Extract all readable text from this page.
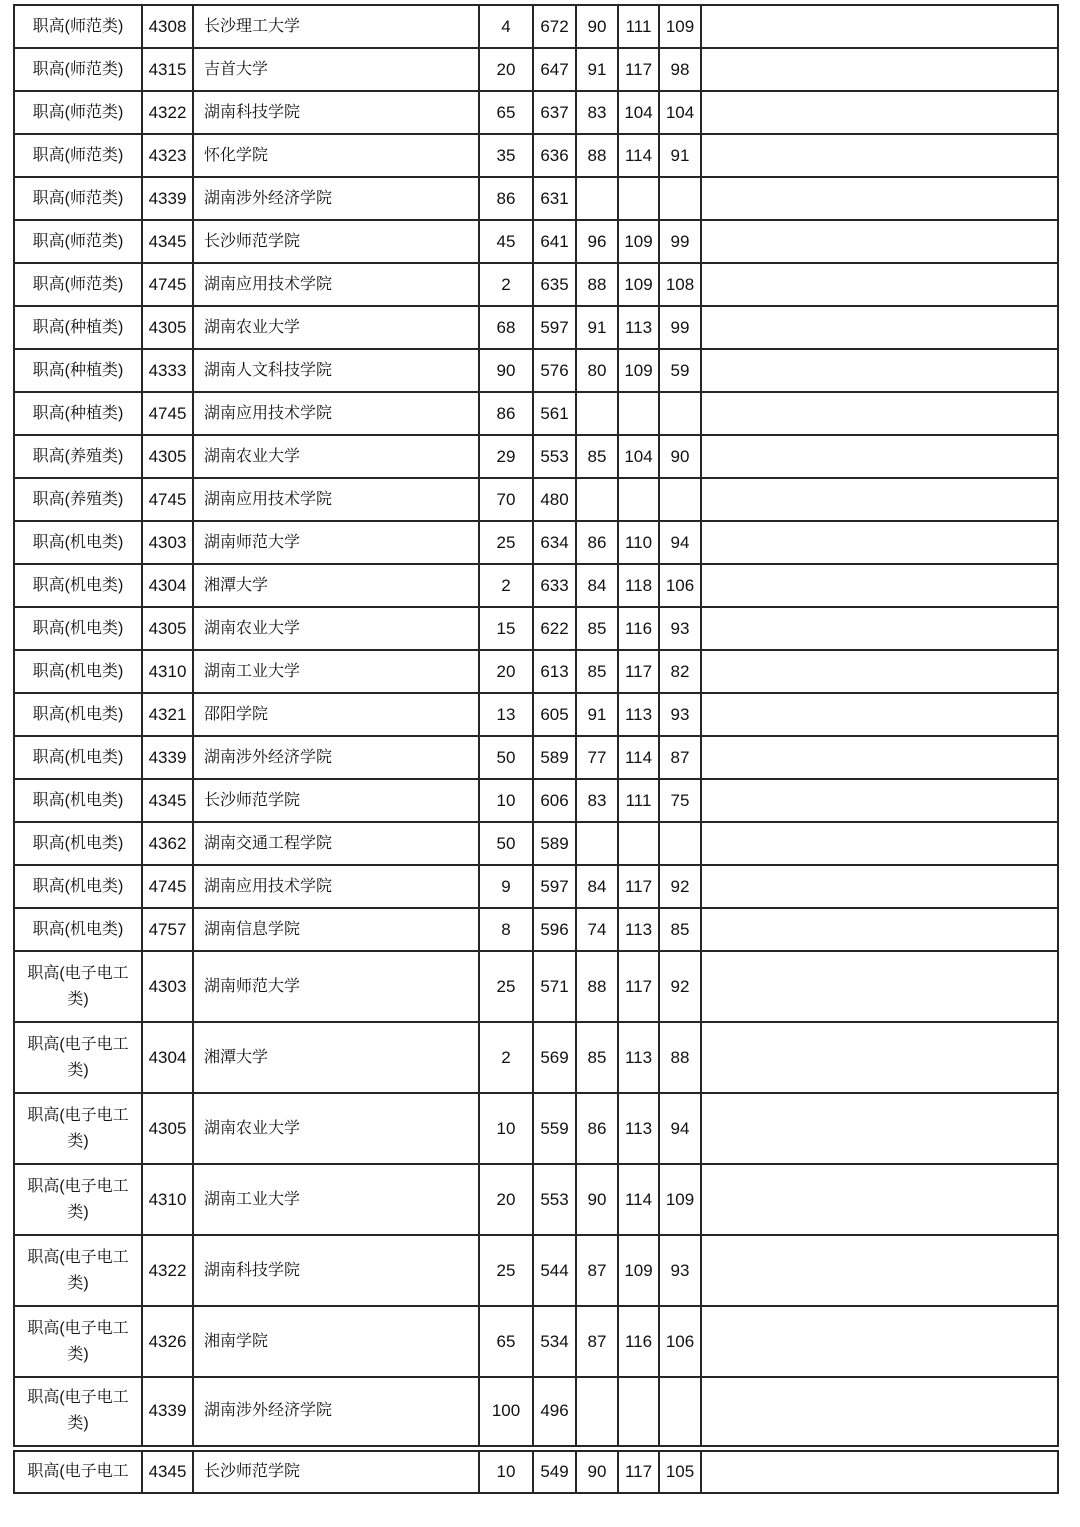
职高(师范类)	4308	长沙理工大学	4	672	90	111	109	
职高(师范类)	4315	吉首大学	20	647	91	117	98	
职高(师范类)	4322	湖南科技学院	65	637	83	104	104	
职高(师范类)	4323	怀化学院	35	636	88	114	91	
职高(师范类)	4339	湖南涉外经济学院	86	631				
职高(师范类)	4345	长沙师范学院	45	641	96	109	99	
职高(师范类)	4745	湖南应用技术学院	2	635	88	109	108	
职高(种植类)	4305	湖南农业大学	68	597	91	113	99	
职高(种植类)	4333	湖南人文科技学院	90	576	80	109	59	
职高(种植类)	4745	湖南应用技术学院	86	561				
职高(养殖类)	4305	湖南农业大学	29	553	85	104	90	
职高(养殖类)	4745	湖南应用技术学院	70	480				
职高(机电类)	4303	湖南师范大学	25	634	86	110	94	
职高(机电类)	4304	湘潭大学	2	633	84	118	106	
职高(机电类)	4305	湖南农业大学	15	622	85	116	93	
职高(机电类)	4310	湖南工业大学	20	613	85	117	82	
职高(机电类)	4321	邵阳学院	13	605	91	113	93	
职高(机电类)	4339	湖南涉外经济学院	50	589	77	114	87	
职高(机电类)	4345	长沙师范学院	10	606	83	111	75	
职高(机电类)	4362	湖南交通工程学院	50	589				
职高(机电类)	4745	湖南应用技术学院	9	597	84	117	92	
职高(机电类)	4757	湖南信息学院	8	596	74	113	85	
职高(电子电工类)	4303	湖南师范大学	25	571	88	117	92	
职高(电子电工类)	4304	湘潭大学	2	569	85	113	88	
职高(电子电工类)	4305	湖南农业大学	10	559	86	113	94	
职高(电子电工类)	4310	湖南工业大学	20	553	90	114	109	
职高(电子电工类)	4322	湖南科技学院	25	544	87	109	93	
职高(电子电工类)	4326	湘南学院	65	534	87	116	106	
职高(电子电工类)	4339	湖南涉外经济学院	100	496				
职高(电子电工	4345	长沙师范学院	10	549	90	117	105	
